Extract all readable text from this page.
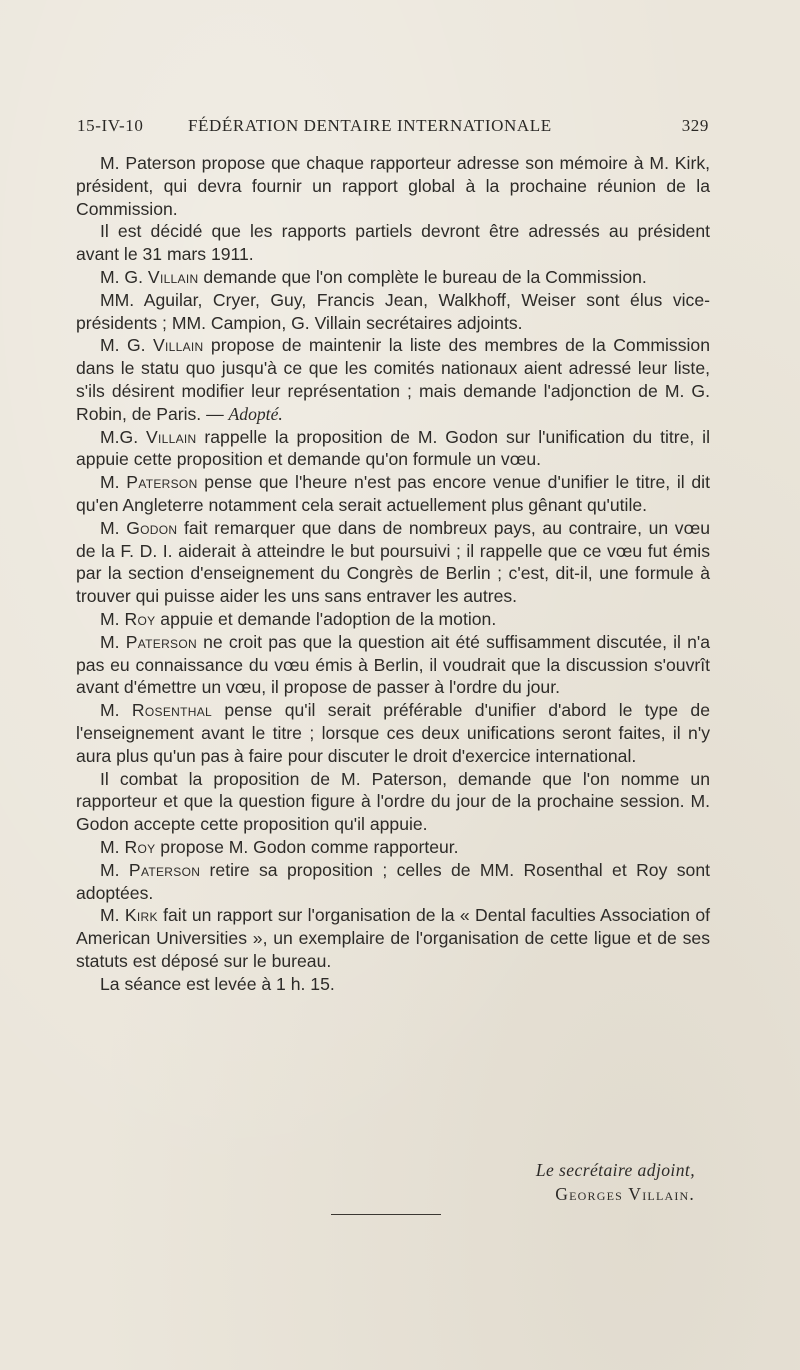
15-IV-10	FÉDÉRATION DENTAIRE INTERNATIONALE	329

M. Paterson propose que chaque rapporteur adresse son mémoire à M. Kirk, président, qui devra fournir un rapport global à la prochaine réunion de la Commission.

Il est décidé que les rapports partiels devront être adressés au président avant le 31 mars 1911.

M. G. Villain demande que l'on complète le bureau de la Commission.

MM. Aguilar, Cryer, Guy, Francis Jean, Walkhoff, Weiser sont élus vice-présidents ; MM. Campion, G. Villain secrétaires adjoints.

M. G. Villain propose de maintenir la liste des membres de la Commission dans le statu quo jusqu'à ce que les comités nationaux aient adressé leur liste, s'ils désirent modifier leur représentation ; mais demande l'adjonction de M. G. Robin, de Paris. — Adopté.

M.G. Villain rappelle la proposition de M. Godon sur l'unification du titre, il appuie cette proposition et demande qu'on formule un vœu.

M. Paterson pense que l'heure n'est pas encore venue d'unifier le titre, il dit qu'en Angleterre notamment cela serait actuellement plus gênant qu'utile.

M. Godon fait remarquer que dans de nombreux pays, au contraire, un vœu de la F. D. I. aiderait à atteindre le but poursuivi ; il rappelle que ce vœu fut émis par la section d'enseignement du Congrès de Berlin ; c'est, dit-il, une formule à trouver qui puisse aider les uns sans entraver les autres.

M. Roy appuie et demande l'adoption de la motion.

M. Paterson ne croit pas que la question ait été suffisamment discutée, il n'a pas eu connaissance du vœu émis à Berlin, il voudrait que la discussion s'ouvrît avant d'émettre un vœu, il propose de passer à l'ordre du jour.

M. Rosenthal pense qu'il serait préférable d'unifier d'abord le type de l'enseignement avant le titre ; lorsque ces deux unifications seront faites, il n'y aura plus qu'un pas à faire pour discuter le droit d'exercice international.

Il combat la proposition de M. Paterson, demande que l'on nomme un rapporteur et que la question figure à l'ordre du jour de la prochaine session. M. Godon accepte cette proposition qu'il appuie.

M. Roy propose M. Godon comme rapporteur.

M. Paterson retire sa proposition ; celles de MM. Rosenthal et Roy sont adoptées.

M. Kirk fait un rapport sur l'organisation de la « Dental faculties Association of American Universities », un exemplaire de l'organisation de cette ligue et de ses statuts est déposé sur le bureau.

La séance est levée à 1 h. 15.

Le secrétaire adjoint,
Georges Villain.
